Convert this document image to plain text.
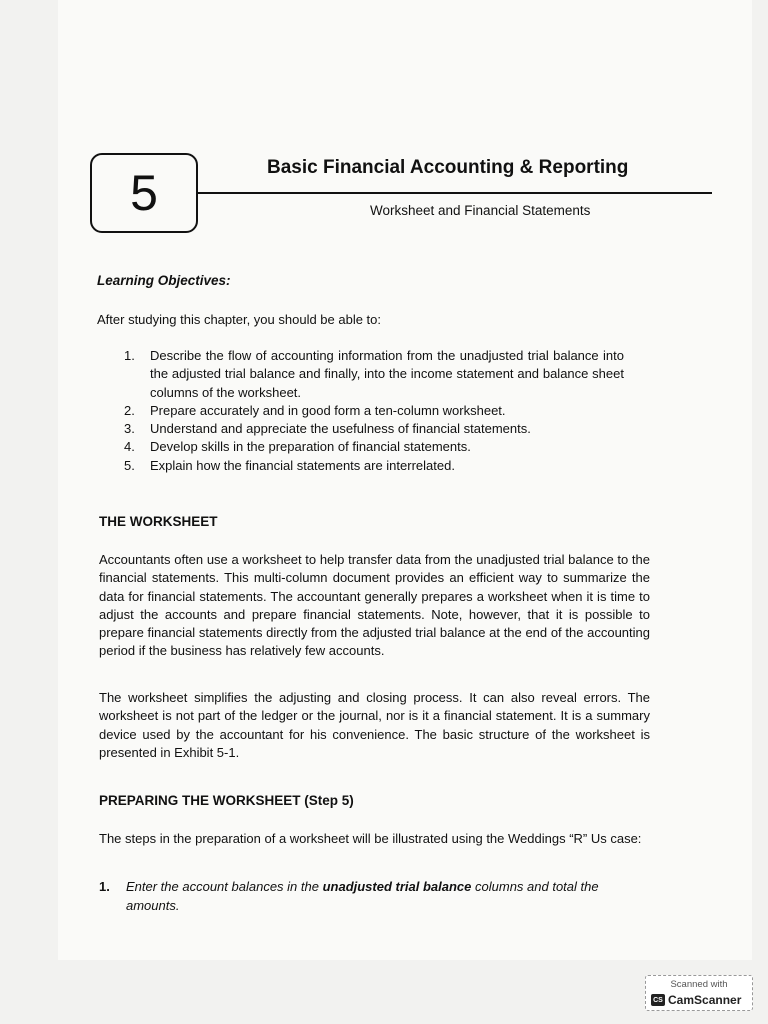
5	Basic Financial Accounting & Reporting
Worksheet and Financial Statements
Learning Objectives:
After studying this chapter, you should be able to:
1.	Describe the flow of accounting information from the unadjusted trial balance into the adjusted trial balance and finally, into the income statement and balance sheet columns of the worksheet.
2.	Prepare accurately and in good form a ten-column worksheet.
3.	Understand and appreciate the usefulness of financial statements.
4.	Develop skills in the preparation of financial statements.
5.	Explain how the financial statements are interrelated.
THE WORKSHEET

Accountants often use a worksheet to help transfer data from the unadjusted trial balance to the financial statements. This multi-column document provides an efficient way to summarize the data for financial statements. The accountant generally prepares a worksheet when it is time to adjust the accounts and prepare financial statements. Note, however, that it is possible to prepare financial statements directly from the adjusted trial balance at the end of the accounting period if the business has relatively few accounts.

The worksheet simplifies the adjusting and closing process. It can also reveal errors. The worksheet is not part of the ledger or the journal, nor is it a financial statement. It is a summary device used by the accountant for his convenience. The basic structure of the worksheet is presented in Exhibit 5-1.

PREPARING THE WORKSHEET (Step 5)

The steps in the preparation of a worksheet will be illustrated using the Weddings “R” Us case:

1.	Enter the account balances in the unadjusted trial balance columns and total the amounts.
Scanned with
CS CamScanner
